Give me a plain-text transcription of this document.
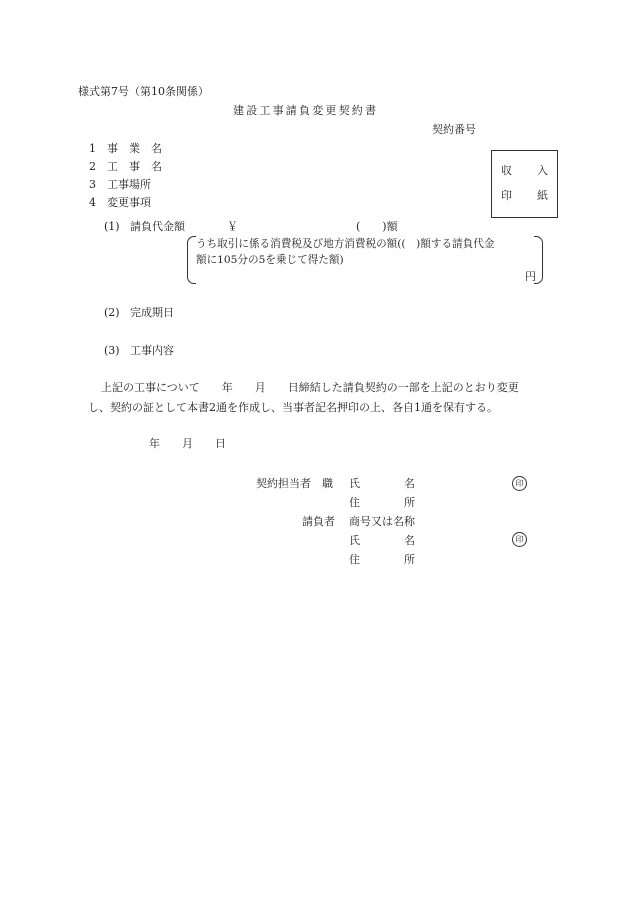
様式第7号（第10条関係）
建設工事請負変更契約書
契約番号
収 入
印 紙
1 事　業　名
2 工　事　名
3 工事場所
4 変更事項
(1) 請負代金額	￥	(　　)額
うち取引に係る消費税及び地方消費税の額((　)額する請負代金
額に105分の5を乗じて得た額)
円
(2) 完成期日
(3) 工事内容
上記の工事について　　年　　月　　日締結した請負契約の一部を上記のとおり変更
し、契約の証として本書2通を作成し、当事者記名押印の上、各自1通を保有する。
年　　月　　日
契約担当者　職 氏　　　　名	印
住　　　　所
請負者 商号又は名称
氏　　　　名	印
住　　　　所
